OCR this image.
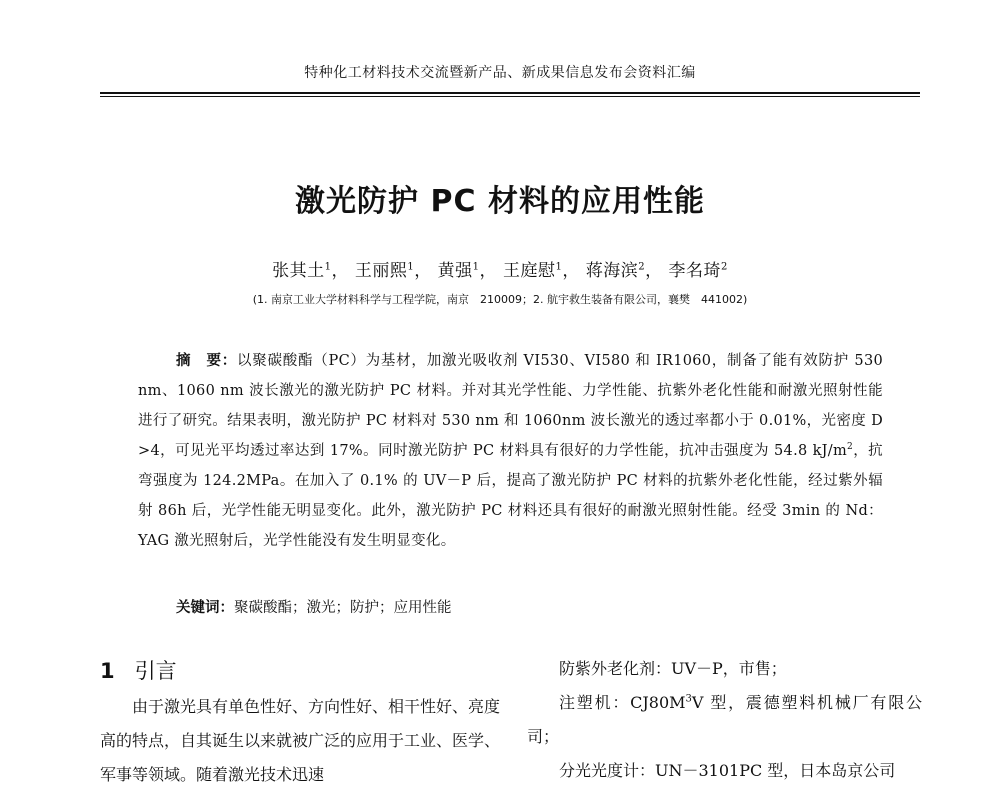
特种化工材料技术交流暨新产品、新成果信息发布会资料汇编
激光防护 PC 材料的应用性能
张其土$^1$， 王丽熙$^1$， 黄强$^1$， 王庭慰$^1$， 蒋海滨$^2$， 李名琦$^2$
(1. 南京工业大学材料科学与工程学院，南京　210009；2. 航宇救生装备有限公司，襄樊　441002)
摘　要：以聚碳酸酯（PC）为基材，加激光吸收剂 VI530、VI580 和 IR1060，制备了能有效防护 530 nm、1060 nm 波长激光的激光防护 PC 材料。并对其光学性能、力学性能、抗紫外老化性能和耐激光照射性能进行了研究。结果表明，激光防护 PC 材料对 530 nm 和 1060nm 波长激光的透过率都小于 0.01%，光密度 D >4，可见光平均透过率达到 17%。同时激光防护 PC 材料具有很好的力学性能，抗冲击强度为 54.8 $kJ/m^2$，抗弯强度为 124.2MPa。在加入了 0.1% 的 UV－P 后，提高了激光防护 PC 材料的抗紫外老化性能，经过紫外辐射 86h 后，光学性能无明显变化。此外，激光防护 PC 材料还具有很好的耐激光照射性能。经受 3min 的 Nd：YAG 激光照射后，光学性能没有发生明显变化。
关键词：聚碳酸酯；激光；防护；应用性能
1 引言
由于激光具有单色性好、方向性好、相干性好、亮度高的特点，自其诞生以来就被广泛的应用于工业、医学、军事等领域。随着激光技术迅速

防紫外老化剂：UV－P，市售；

注塑机：$CJ80M^3V$ 型，震德塑料机械厂有限公司；

分光光度计：UN－3101PC 型，日本岛京公司
